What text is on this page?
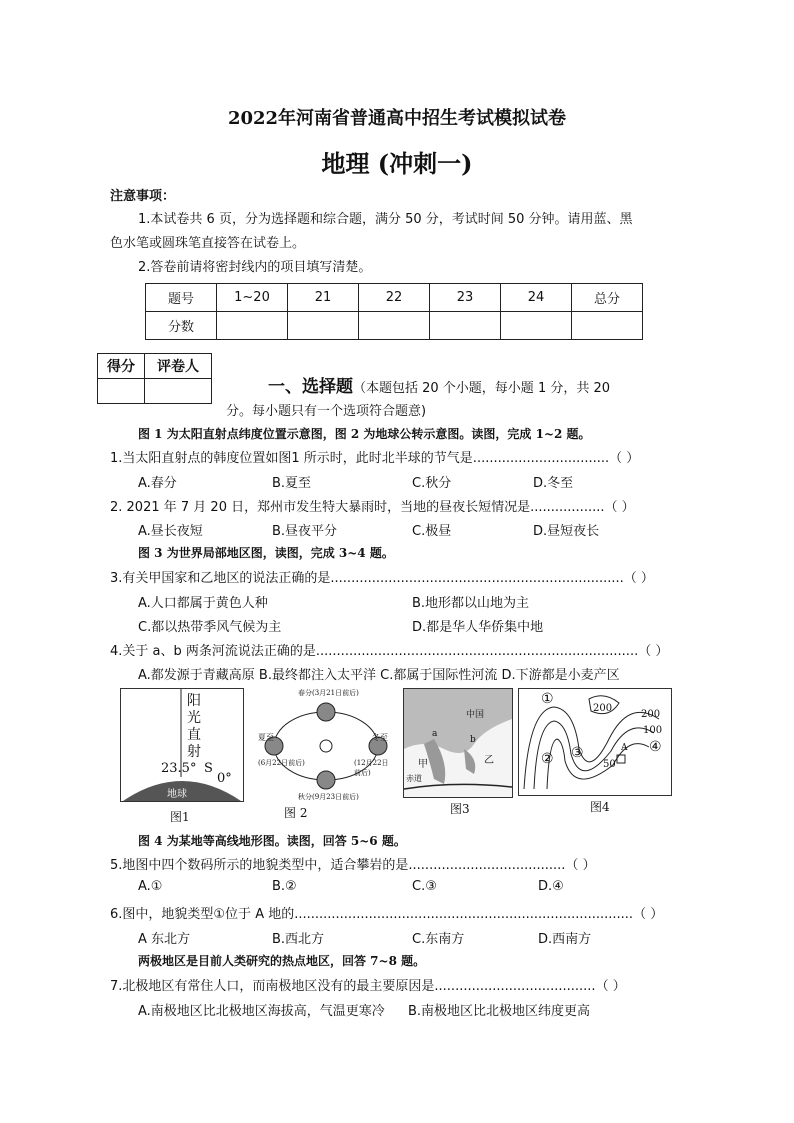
2022年河南省普通高中招生考试模拟试卷
地理 (冲刺一)
注意事项：
1.本试卷共 6 页，分为选择题和综合题，满分 50 分，考试时间 50 分钟。请用蓝、黑
色水笔或圆珠笔直接答在试卷上。
2.答卷前请将密封线内的项目填写清楚。
题号	1~20	21	22	23	24	总分
分数						
得分	评卷人

一、选择题（本题包括 20 个小题，每小题 1 分，共 20
分。每小题只有一个选项符合题意)
图 1 为太阳直射点纬度位置示意图，图 2 为地球公转示意图。读图，完成 1~2 题。
1.当太阳直射点的韩度位置如图1 所示时，此时北半球的节气是.................................（ ）
A.春分	B.夏至	C.秋分	D.冬至
2. 2021 年 7 月 20 日，郑州市发生特大暴雨时，当地的昼夜长短情况是..................（ ）
A.昼长夜短	B.昼夜平分	C.极昼	D.昼短夜长
图 3 为世界局部地区图，读图，完成 3~4 题。
3.有关甲国家和乙地区的说法正确的是.......................................................................（ ）
A.人口都属于黄色人种	B.地形都以山地为主
C.都以热带季风气候为主	D.都是华人华侨集中地
4.关于 a、b 两条河流说法正确的是..............................................................................（ ）
A.都发源于青藏高原 B.最终都注入太平洋 C.都属于国际性河流 D.下游都是小麦产区
阳
光
直
射
23.5° S
0°
地球
图1
春分(3月21日前后)
秋分(9月23日前后)
夏至
(6月22日前后)
冬至
(12月22日前后)
图 2
甲	乙
a
b
中国
赤道
图3
①
② ③	④
200
200
100
50
A
图4
图 4 为某地等高线地形图。读图，回答 5~6 题。
5.地图中四个数码所示的地貌类型中，适合攀岩的是......................................（ ）
A.①	B.②	C.③	D.④
6.图中，地貌类型①位于 A 地的..................................................................................（ ）
A 东北方	B.西北方	C.东南方	D.西南方
两极地区是目前人类研究的热点地区，回答 7~8 题。
7.北极地区有常住人口，而南极地区没有的最主要原因是.......................................（ ）
A.南极地区比北极地区海拔高，气温更寒冷 B.南极地区比北极地区纬度更高
